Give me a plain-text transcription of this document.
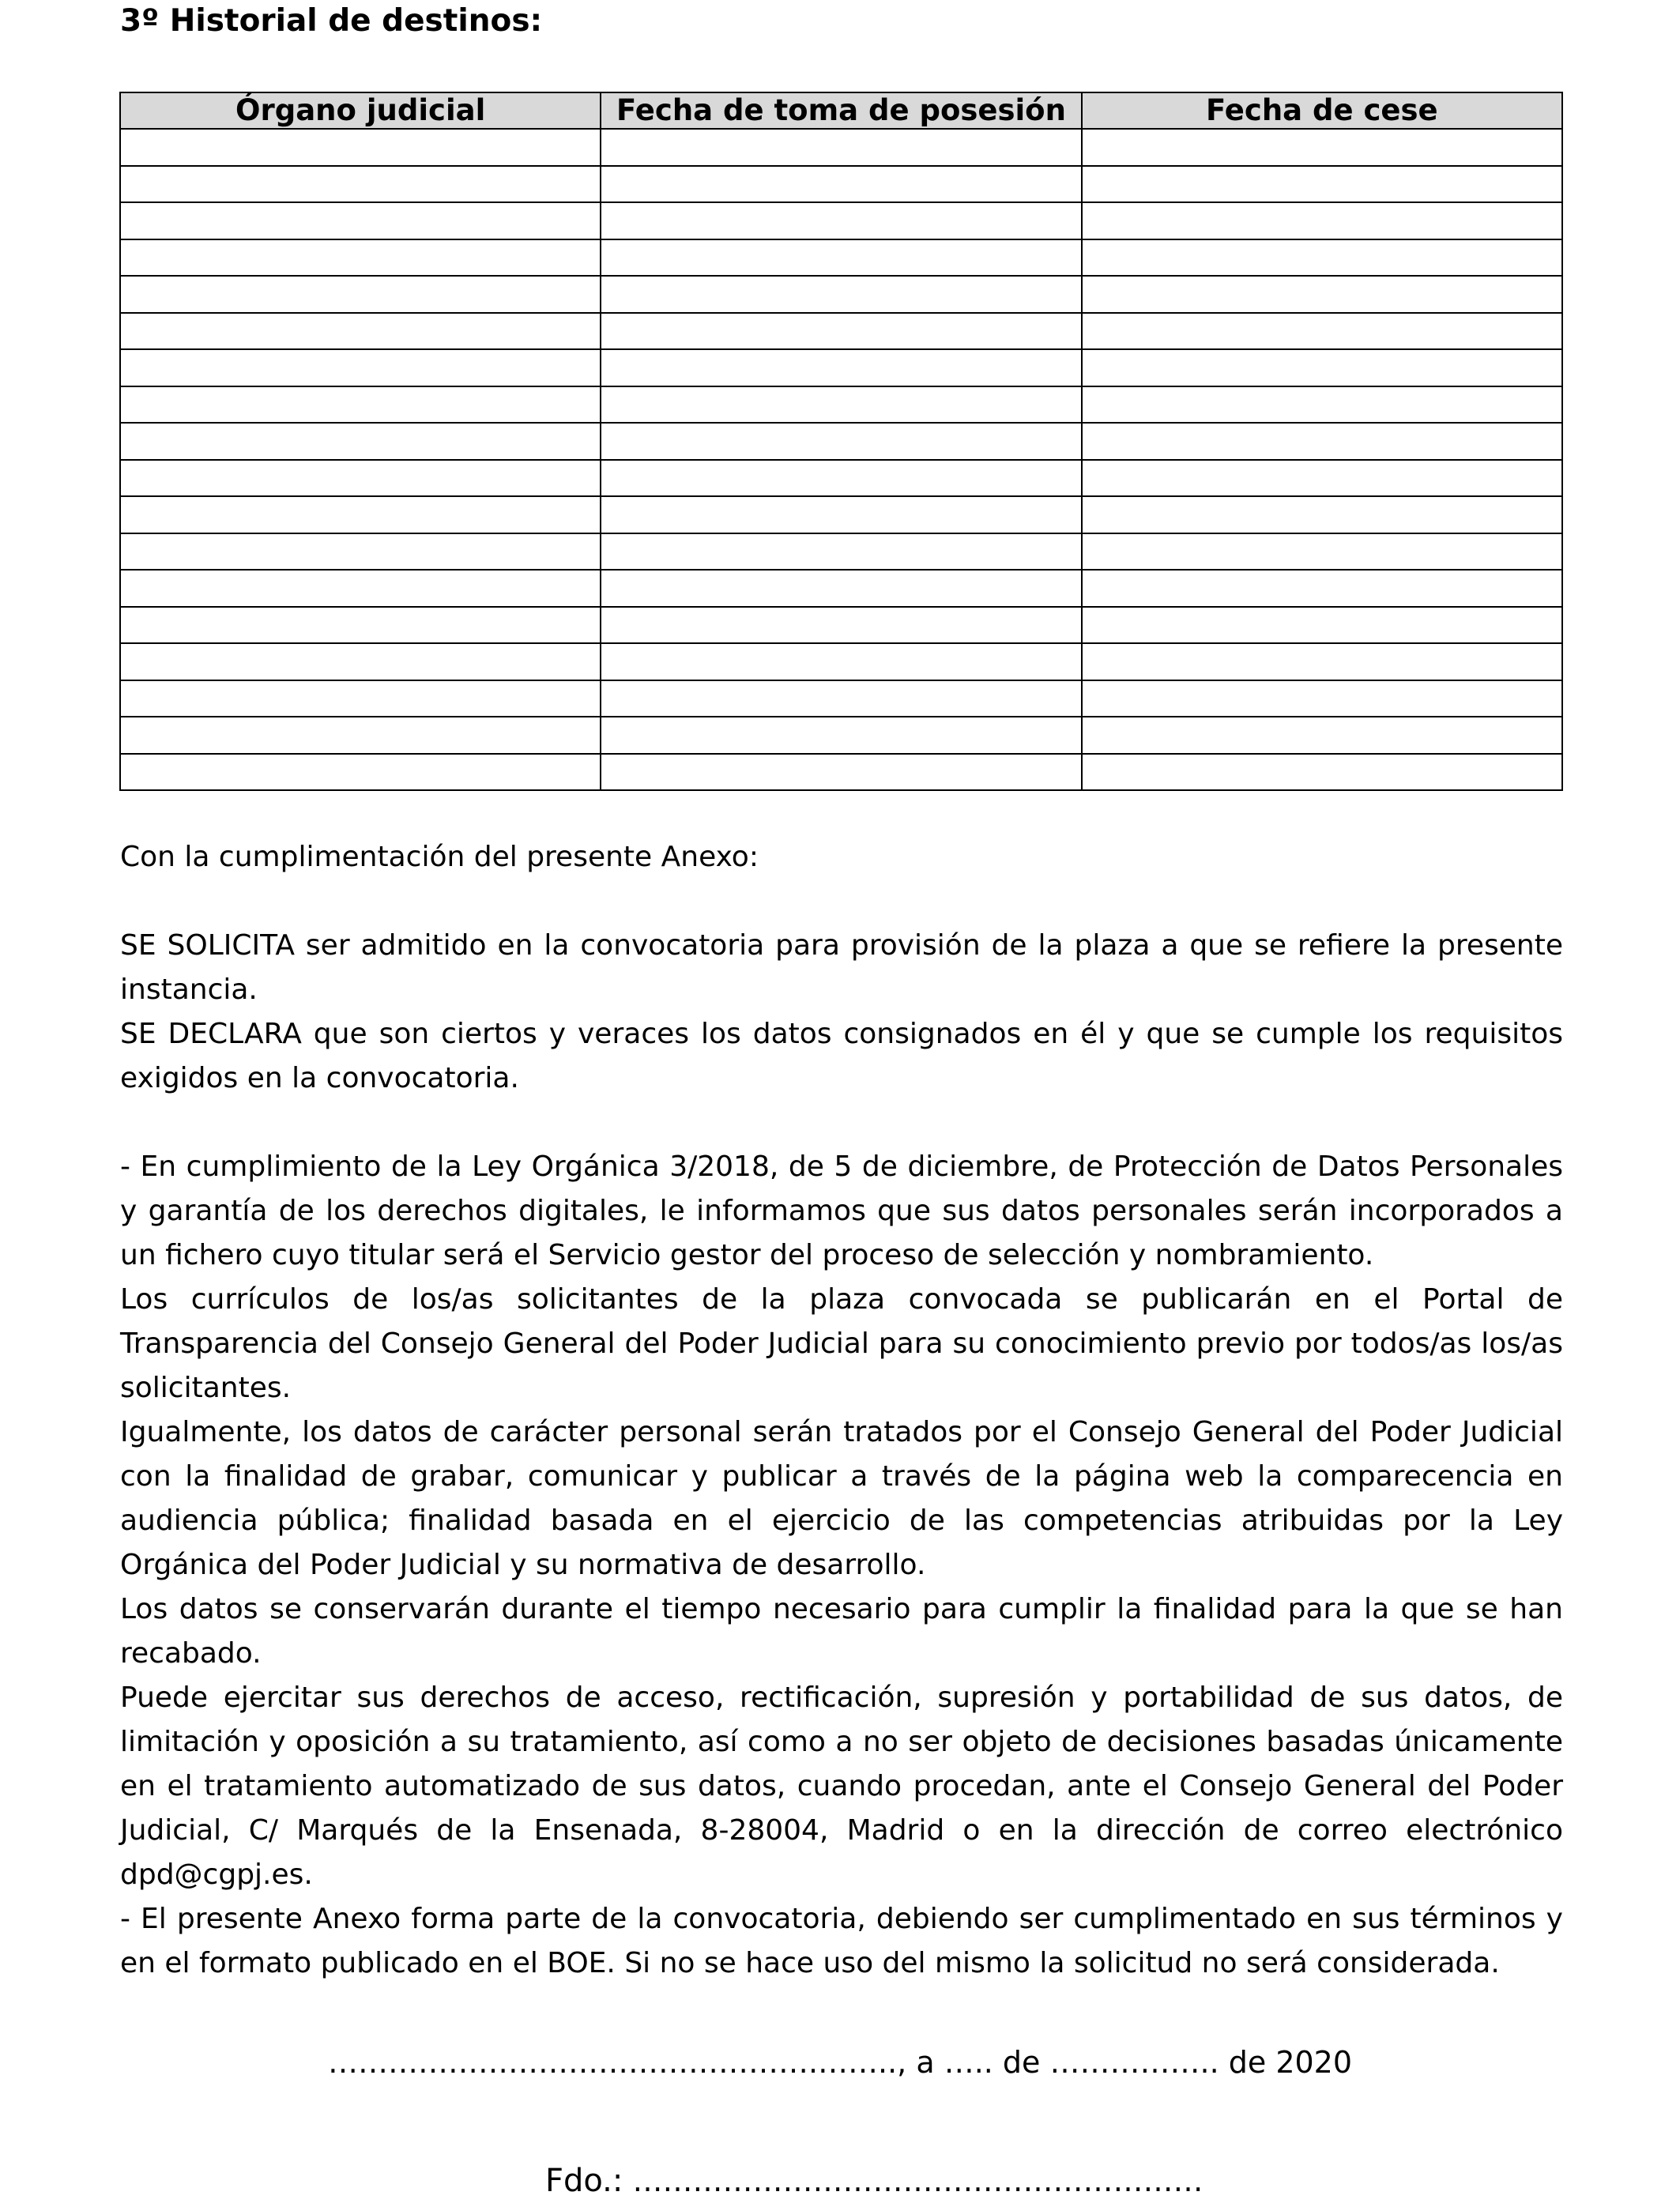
3º Historial de destinos:
Órgano judicial	Fecha de toma de posesión	Fecha de cese

Con la cumplimentación del presente Anexo:

SE SOLICITA ser admitido en la convocatoria para provisión de la plaza a que se refiere la presente instancia.

SE DECLARA que son ciertos y veraces los datos consignados en él y que se cumple los requisitos exigidos en la convocatoria.

- En cumplimiento de la Ley Orgánica 3/2018, de 5 de diciembre, de Protección de Datos Personales y garantía de los derechos digitales, le informamos que sus datos personales serán incorporados a un fichero cuyo titular será el Servicio gestor del proceso de selección y nombramiento.

Los currículos de los/as solicitantes de la plaza convocada se publicarán en el Portal de Transparencia del Consejo General del Poder Judicial para su conocimiento previo por todos/as los/as solicitantes.

Igualmente, los datos de carácter personal serán tratados por el Consejo General del Poder Judicial con la finalidad de grabar, comunicar y publicar a través de la página web la comparecencia en audiencia pública; finalidad basada en el ejercicio de las competencias atribuidas por la Ley Orgánica del Poder Judicial y su normativa de desarrollo.

Los datos se conservarán durante el tiempo necesario para cumplir la finalidad para la que se han recabado.

Puede ejercitar sus derechos de acceso, rectificación, supresión y portabilidad de sus datos, de limitación y oposición a su tratamiento, así como a no ser objeto de decisiones basadas únicamente en el tratamiento automatizado de sus datos, cuando procedan, ante el Consejo General del Poder Judicial, C/ Marqués de la Ensenada, 8-28004, Madrid o en la dirección de correo electrónico dpd@cgpj.es.

- El presente Anexo forma parte de la convocatoria, debiendo ser cumplimentado en sus términos y en el formato publicado en el BOE. Si no se hace uso del mismo la solicitud no será considerada.

………………………………………….…….., a ….. de …………….. de 2020
Fdo.: …………………………………………………
